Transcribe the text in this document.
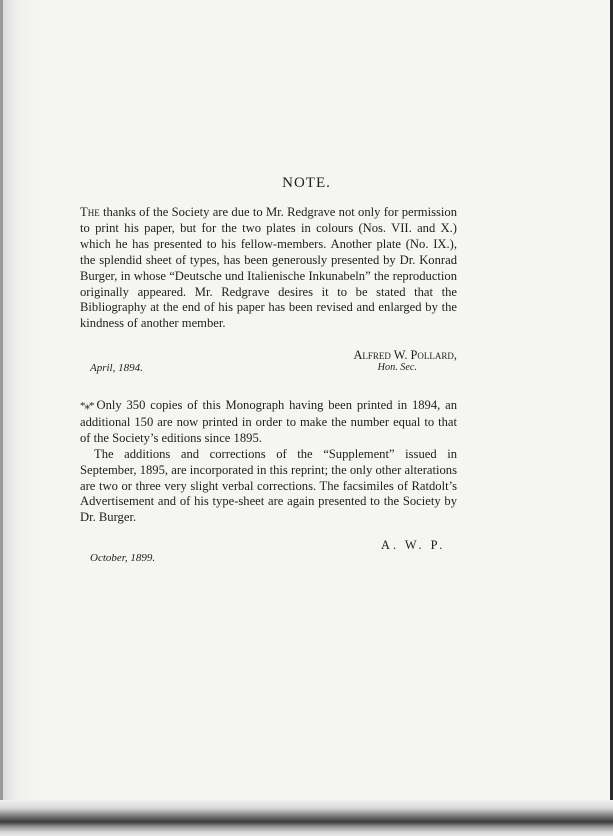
NOTE.
The thanks of the Society are due to Mr. Redgrave not only for permission to print his paper, but for the two plates in colours (Nos. VII. and X.) which he has presented to his fellow-members. Another plate (No. IX.), the splendid sheet of types, has been generously presented by Dr. Konrad Burger, in whose “Deutsche und Italienische Inkunabeln” the reproduction originally appeared. Mr. Redgrave desires it to be stated that the Bibliography at the end of his paper has been revised and enlarged by the kindness of another member.
Alfred W. Pollard,
Hon. Sec.
April, 1894.

*⁎* Only 350 copies of this Monograph having been printed in 1894, an additional 150 are now printed in order to make the number equal to that of the Society’s editions since 1895.

The additions and corrections of the “Supplement” issued in September, 1895, are incorporated in this reprint; the only other alterations are two or three very slight verbal corrections. The facsimiles of Ratdolt’s Advertisement and of his type-sheet are again presented to the Society by Dr. Burger.

A. W. P.
October, 1899.
